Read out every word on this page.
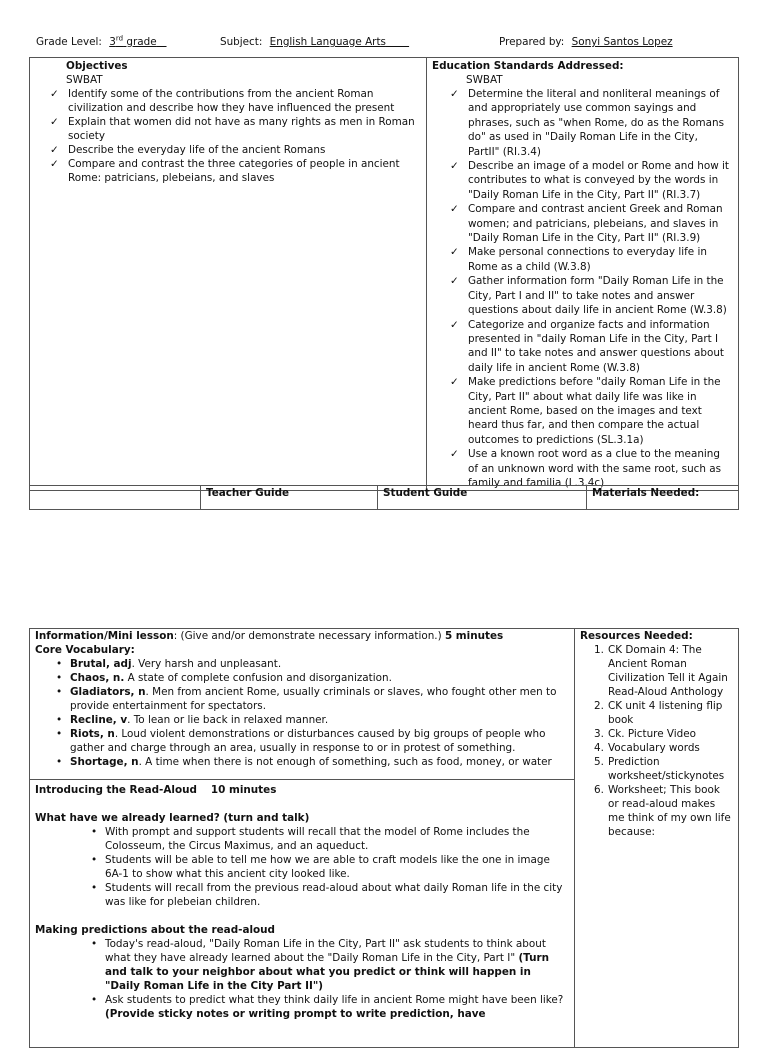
Grade Level: 3rd grade	Subject: English Language Arts	Prepared by: Sonyi Santos Lopez
Objectives
SWBAT
✓ Identify some of the contributions from the ancient Roman civilization and describe how they have influenced the present
✓ Explain that women did not have as many rights as men in Roman society
✓ Describe the everyday life of the ancient Romans
✓ Compare and contrast the three categories of people in ancient Rome: patricians, plebeians, and slaves

Education Standards Addressed:
SWBAT
✓ Determine the literal and nonliteral meanings of and appropriately use common sayings and phrases, such as "when Rome, do as the Romans do" as used in "Daily Roman Life in the City, PartII" (RI.3.4)
✓ Describe an image of a model or Rome and how it contributes to what is conveyed by the words in "Daily Roman Life in the City, Part II" (RI.3.7)
✓ Compare and contrast ancient Greek and Roman women; and patricians, plebeians, and slaves in "Daily Roman Life in the City, Part II" (RI.3.9)
✓ Make personal connections to everyday life in Rome as a child (W.3.8)
✓ Gather information form "Daily Roman Life in the City, Part I and II" to take notes and answer questions about daily life in ancient Rome (W.3.8)
✓ Categorize and organize facts and information presented in "daily Roman Life in the City, Part I and II" to take notes and answer questions about daily life in ancient Rome (W.3.8)
✓ Make predictions before "daily Roman Life in the City, Part II" about what daily life was like in ancient Rome, based on the images and text heard thus far, and then compare the actual outcomes to predictions (SL.3.1a)
✓ Use a known root word as a clue to the meaning of an unknown word with the same root, such as family and familia (L.3.4c)
	Teacher Guide	Student Guide	Materials Needed:
Information/Mini lesson: (Give and/or demonstrate necessary information.) 5 minutes
Core Vocabulary:
• Brutal, adj. Very harsh and unpleasant.
• Chaos, n. A state of complete confusion and disorganization.
• Gladiators, n. Men from ancient Rome, usually criminals or slaves, who fought other men to provide entertainment for spectators.
• Recline, v. To lean or lie back in relaxed manner.
• Riots, n. Loud violent demonstrations or disturbances caused by big groups of people who gather and charge through an area, usually in response to or in protest of something.
• Shortage, n. A time when there is not enough of something, such as food, money, or water

Resources Needed:
1. CK Domain 4: The Ancient Roman Civilization Tell it Again Read-Aloud Anthology
2. CK unit 4 listening flip book
3. Ck. Picture Video
4. Vocabulary words
5. Prediction worksheet/stickynotes
6. Worksheet; This book or read-aloud makes me think of my own life because:

Introducing the Read-Aloud 10 minutes
What have we already learned? (turn and talk)
• With prompt and support students will recall that the model of Rome includes the Colosseum, the Circus Maximus, and an aqueduct.
• Students will be able to tell me how we are able to craft models like the one in image 6A-1 to show what this ancient city looked like.
• Students will recall from the previous read-aloud about what daily Roman life in the city was like for plebeian children.
Making predictions about the read-aloud
• Today's read-aloud, "Daily Roman Life in the City, Part II" ask students to think about what they have already learned about the "Daily Roman Life in the City, Part I" (Turn and talk to your neighbor about what you predict or think will happen in "Daily Roman Life in the City Part II")
• Ask students to predict what they think daily life in ancient Rome might have been like? (Provide sticky notes or writing prompt to write prediction, have
